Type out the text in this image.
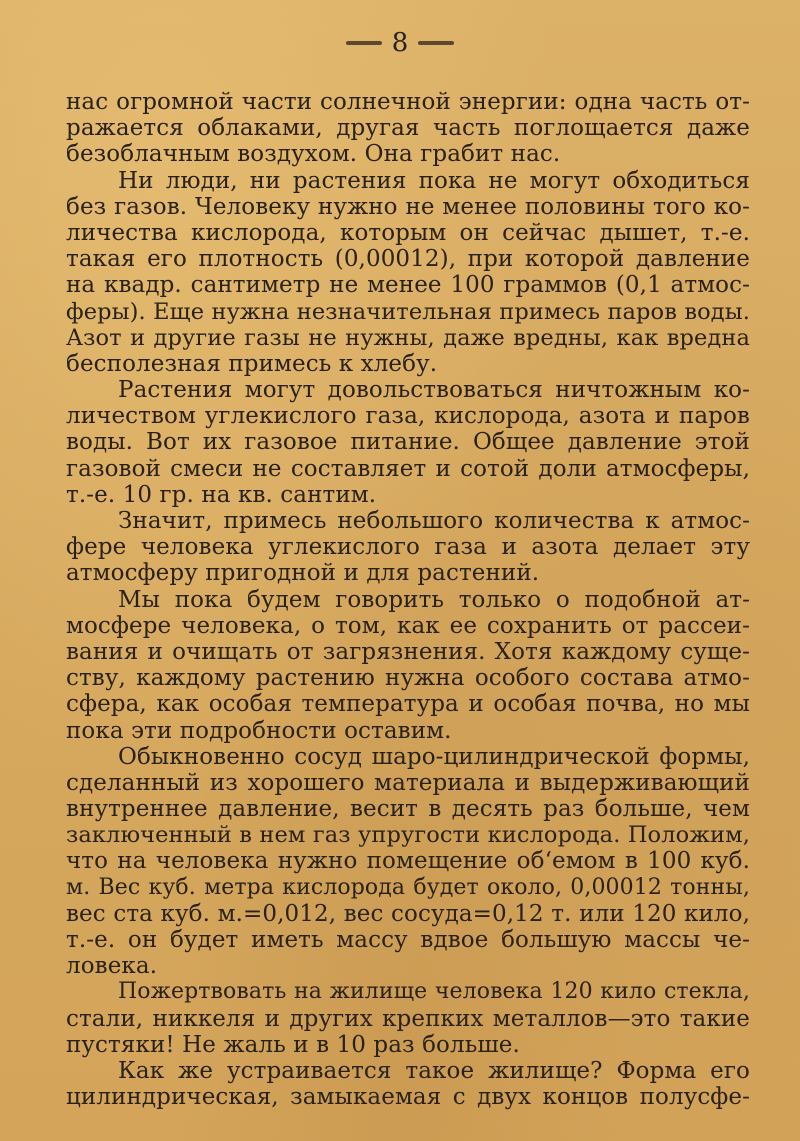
8
нас огромной части солнечной энергии: одна часть от-
ражается облаками, другая часть поглощается даже
безоблачным воздухом. Она грабит нас.
Ни люди, ни растения пока не могут обходиться
без газов. Человеку нужно не менее половины того ко-
личества кислорода, которым он сейчас дышет, т.-е.
такая его плотность (0,00012), при которой давление
на квадр. сантиметр не менее 100 граммов (0,1 атмос-
феры). Еще нужна незначительная примесь паров воды.
Азот и другие газы не нужны, даже вредны, как вредна
бесполезная примесь к хлебу.
Растения могут довольствоваться ничтожным ко-
личеством углекислого газа, кислорода, азота и паров
воды. Вот их газовое питание. Общее давление этой
газовой смеси не составляет и сотой доли атмосферы,
т.-е. 10 гр. на кв. сантим.
Значит, примесь небольшого количества к атмос-
фере человека углекислого газа и азота делает эту
атмосферу пригодной и для растений.
Мы пока будем говорить только о подобной ат-
мосфере человека, о том, как ее сохранить от рассеи-
вания и очищать от загрязнения. Хотя каждому суще-
ству, каждому растению нужна особого состава атмо-
сфера, как особая температура и особая почва, но мы
пока эти подробности оставим.
Обыкновенно сосуд шаро-цилиндрической формы,
сделанный из хорошего материала и выдерживающий
внутреннее давление, весит в десять раз больше, чем
заключенный в нем газ упругости кислорода. Положим,
что на человека нужно помещение об‘емом в 100 куб.
м. Вес куб. метра кислорода будет около, 0,00012 тонны,
вес ста куб. м.=0,012, вес сосуда=0,12 т. или 120 кило,
т.-е. он будет иметь массу вдвое большую массы че-
ловека.
Пожертвовать на жилище человека 120 кило стекла,
стали, никкеля и других крепких металлов—это такие
пустяки! Не жаль и в 10 раз больше.
Как же устраивается такое жилище? Форма его
цилиндрическая, замыкаемая с двух концов полусфе-
